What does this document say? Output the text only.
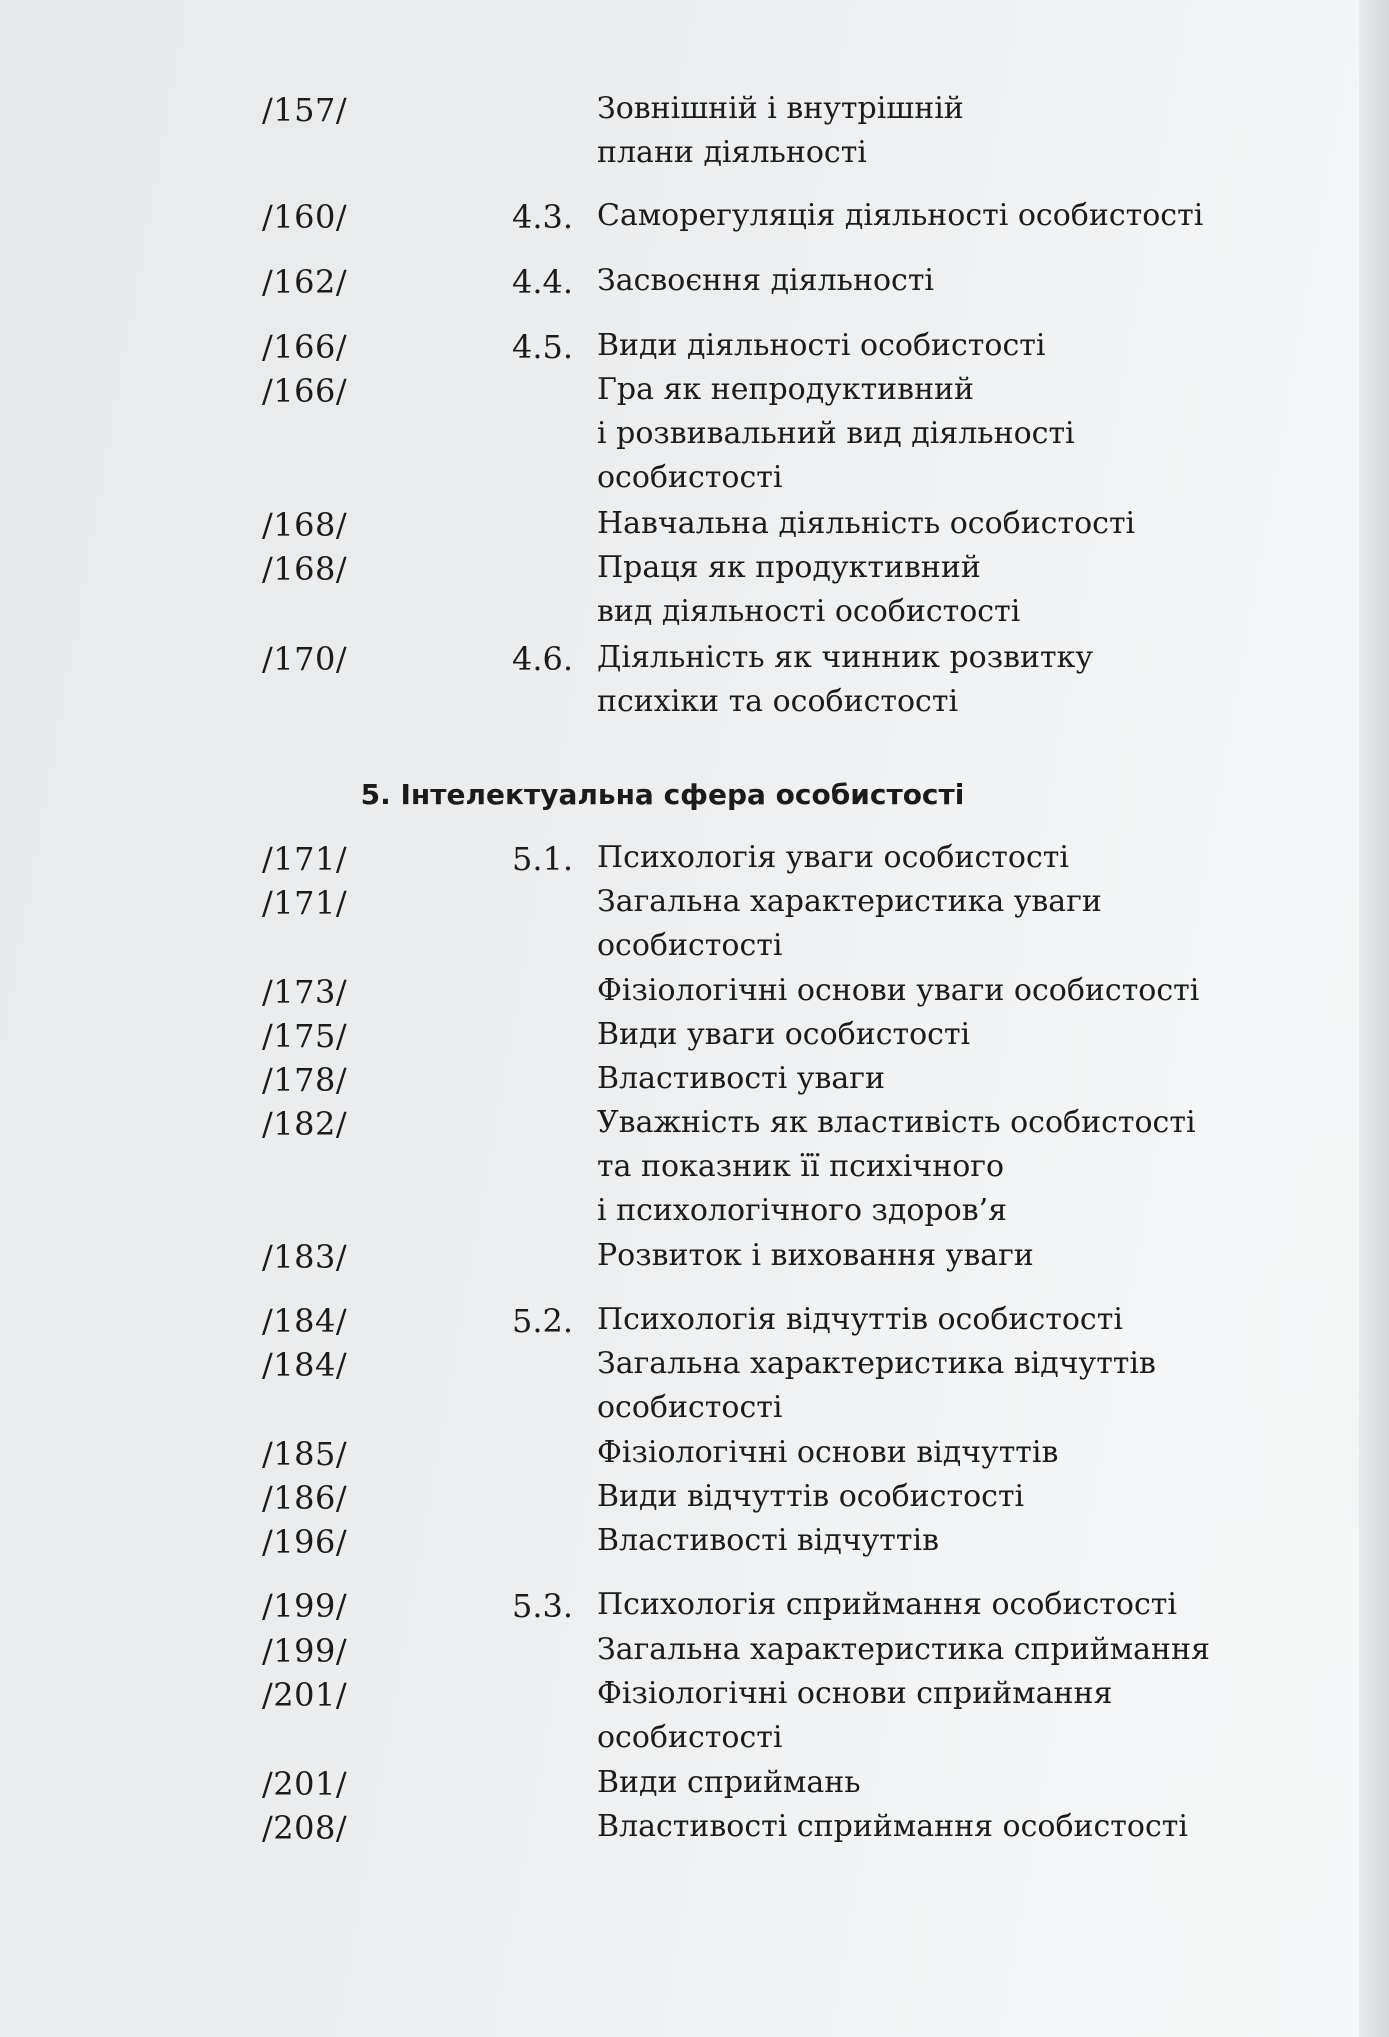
/157/	Зовнішній і внутрішній
плани діяльності
/160/	4.3. Саморегуляція діяльності особистості
/162/	4.4. Засвоєння діяльності
/166/	4.5. Види діяльності особистості
/166/	Гра як непродуктивний
і розвивальний вид діяльності
особистості
/168/	Навчальна діяльність особистості
/168/	Праця як продуктивний
вид діяльності особистості
/170/	4.6. Діяльність як чинник розвитку
психіки та особистості
5. Інтелектуальна сфера особистості
/171/	5.1. Психологія уваги особистості
/171/	Загальна характеристика уваги
особистості
/173/	Фізіологічні основи уваги особистості
/175/	Види уваги особистості
/178/	Властивості уваги
/182/	Уважність як властивість особистості
та показник її психічного
і психологічного здоров’я
/183/	Розвиток і виховання уваги
/184/	5.2. Психологія відчуттів особистості
/184/	Загальна характеристика відчуттів
особистості
/185/	Фізіологічні основи відчуттів
/186/	Види відчуттів особистості
/196/	Властивості відчуттів
/199/	5.3. Психологія сприймання особистості
/199/	Загальна характеристика сприймання
/201/	Фізіологічні основи сприймання
особистості
/201/	Види сприймань
/208/	Властивості сприймання особистості
